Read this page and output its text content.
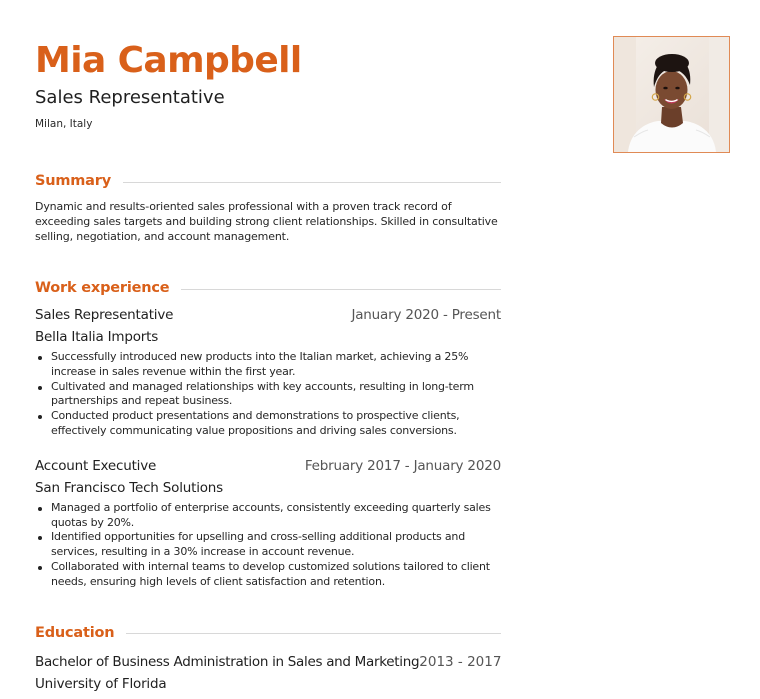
Mia Campbell
Sales Representative
Milan, Italy
Summary

Dynamic and results-oriented sales professional with a proven track record of exceeding sales targets and building strong client relationships. Skilled in consultative selling, negotiation, and account management.

Work experience
Sales Representative	January 2020 - Present
Bella Italia Imports
Successfully introduced new products into the Italian market, achieving a 25% increase in sales revenue within the first year.
Cultivated and managed relationships with key accounts, resulting in long-term partnerships and repeat business.
Conducted product presentations and demonstrations to prospective clients, effectively communicating value propositions and driving sales conversions.
Account Executive	February 2017 - January 2020
San Francisco Tech Solutions
Managed a portfolio of enterprise accounts, consistently exceeding quarterly sales quotas by 20%.
Identified opportunities for upselling and cross-selling additional products and services, resulting in a 30% increase in account revenue.
Collaborated with internal teams to develop customized solutions tailored to client needs, ensuring high levels of client satisfaction and retention.
Education
Bachelor of Business Administration in Sales and Marketing 2013 - 2017
University of Florida
